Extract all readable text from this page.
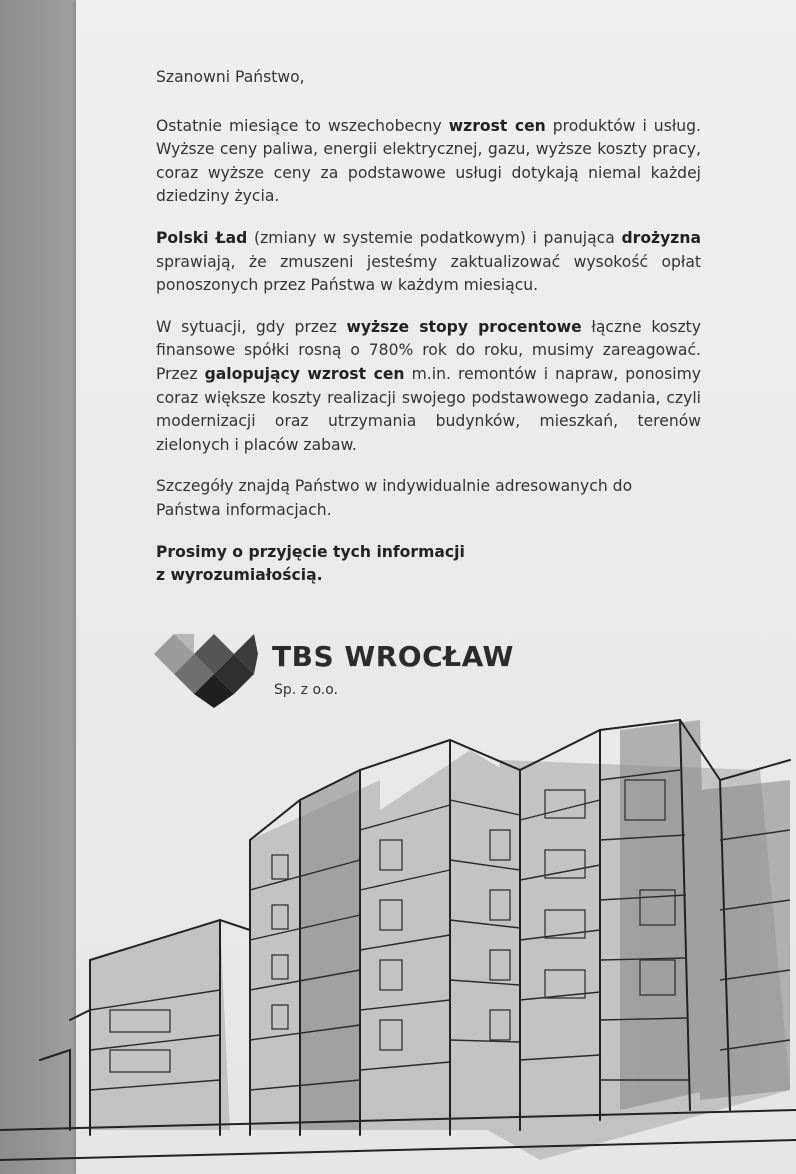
Szanowni Państwo,

Ostatnie miesiące to wszechobecny wzrost cen produktów i usług. Wyższe ceny paliwa, energii elektrycznej, gazu, wyższe koszty pracy, coraz wyższe ceny za podstawowe usługi dotykają niemal każdej dziedziny życia.

Polski Ład (zmiany w systemie podatkowym) i panująca drożyzna sprawiają, że zmuszeni jesteśmy zaktualizować wysokość opłat ponoszonych przez Państwa w każdym miesiącu.

W sytuacji, gdy przez wyższe stopy procentowe łączne koszty finansowe spółki rosną o 780% rok do roku, musimy zareagować. Przez galopujący wzrost cen m.in. remontów i napraw, ponosimy coraz większe koszty realizacji swojego podstawowego zadania, czyli modernizacji oraz utrzymania budynków, mieszkań, terenów zielonych i placów zabaw.

Szczegóły znajdą Państwo w indywidualnie adresowanych do Państwa informacjach.

Prosimy o przyjęcie tych informacji
z wyrozumiałością.

TBS WROCŁAW
Sp. z o.o.
